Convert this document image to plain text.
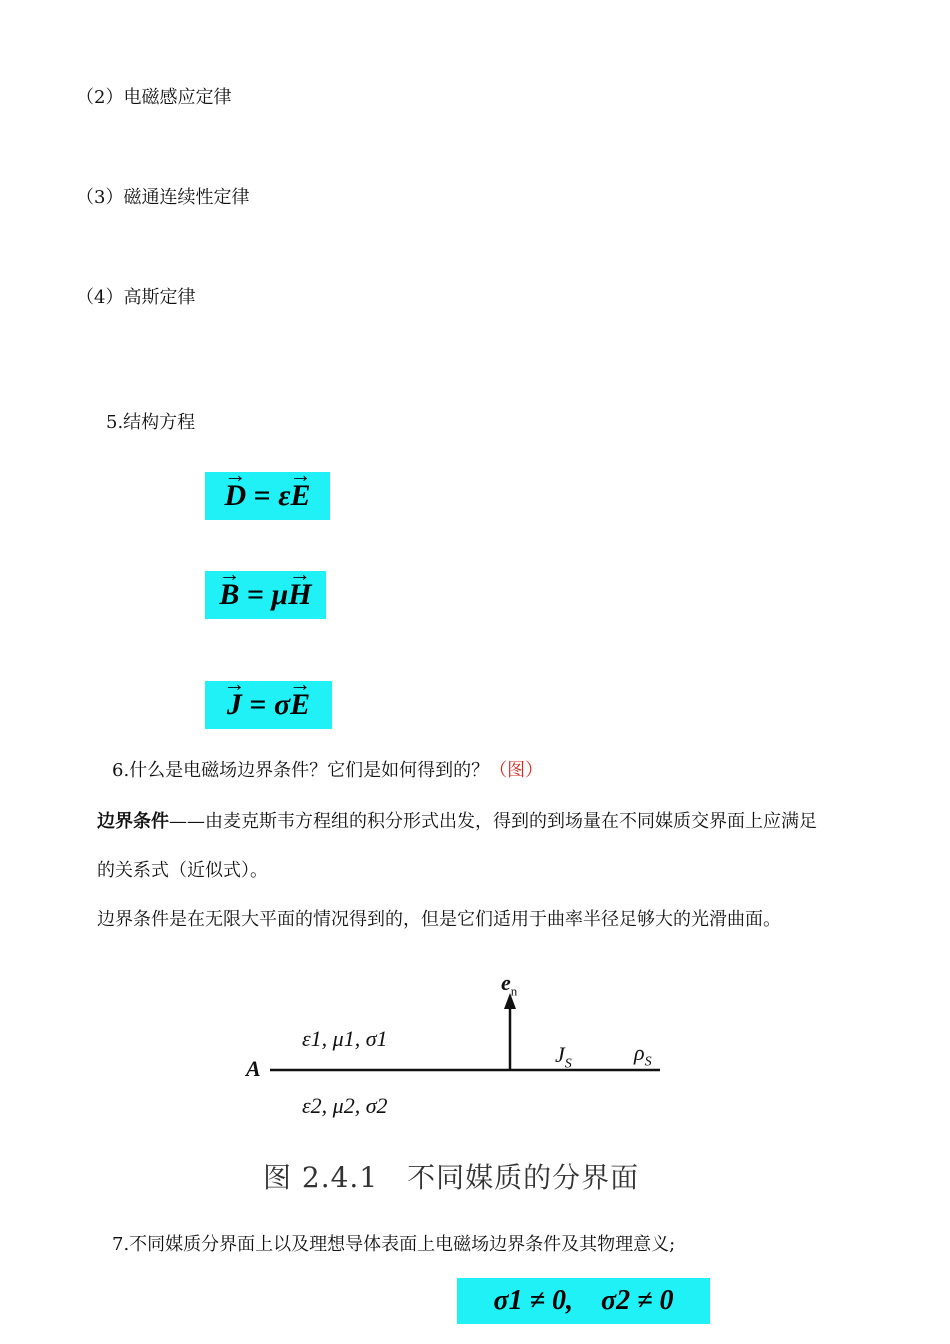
（2）电磁感应定律
（3）磁通连续性定律
（4）高斯定律
5.结构方程
→ D = ε → E
→ B = μ → H
→ J = σ → E
6.什么是电磁场边界条件？它们是如何得到的？（图）
边界条件——由麦克斯韦方程组的积分形式出发，得到的到场量在不同媒质交界面上应满足
的关系式（近似式）。
边界条件是在无限大平面的情况得到的，但是它们适用于曲率半径足够大的光滑曲面。
$e_n$
A
ε1, μ1, σ1
ε2, μ2, σ2
$J_S$	$\rho_S$
图 2.4.1　不同媒质的分界面
7.不同媒质分界面上以及理想导体表面上电磁场边界条件及其物理意义;
σ1 ≠ 0,    σ2 ≠ 0
